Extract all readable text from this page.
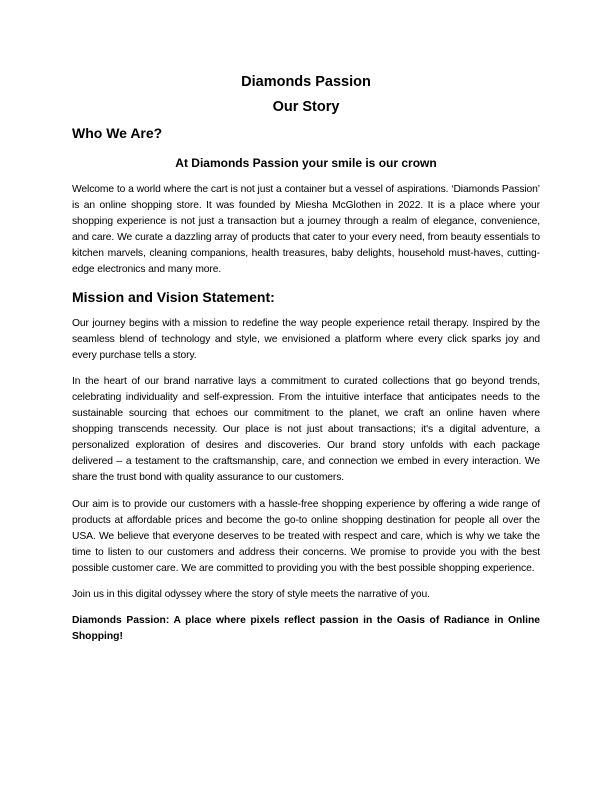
Diamonds Passion

Our Story

Who We Are?

At Diamonds Passion your smile is our crown

Welcome to a world where the cart is not just a container but a vessel of aspirations. ‘Diamonds Passion’ is an online shopping store. It was founded by Miesha McGlothen in 2022. It is a place where your shopping experience is not just a transaction but a journey through a realm of elegance, convenience, and care. We curate a dazzling array of products that cater to your every need, from beauty essentials to kitchen marvels, cleaning companions, health treasures, baby delights, household must-haves, cutting-edge electronics and many more.

Mission and Vision Statement:

Our journey begins with a mission to redefine the way people experience retail therapy. Inspired by the seamless blend of technology and style, we envisioned a platform where every click sparks joy and every purchase tells a story.

In the heart of our brand narrative lays a commitment to curated collections that go beyond trends, celebrating individuality and self-expression. From the intuitive interface that anticipates needs to the sustainable sourcing that echoes our commitment to the planet, we craft an online haven where shopping transcends necessity. Our place is not just about transactions; it's a digital adventure, a personalized exploration of desires and discoveries. Our brand story unfolds with each package delivered – a testament to the craftsmanship, care, and connection we embed in every interaction. We share the trust bond with quality assurance to our customers.

Our aim is to provide our customers with a hassle-free shopping experience by offering a wide range of products at affordable prices and become the go-to online shopping destination for people all over the USA. We believe that everyone deserves to be treated with respect and care, which is why we take the time to listen to our customers and address their concerns. We promise to provide you with the best possible customer care. We are committed to providing you with the best possible shopping experience.

Join us in this digital odyssey where the story of style meets the narrative of you.

Diamonds Passion: A place where pixels reflect passion in the Oasis of Radiance in Online Shopping!
